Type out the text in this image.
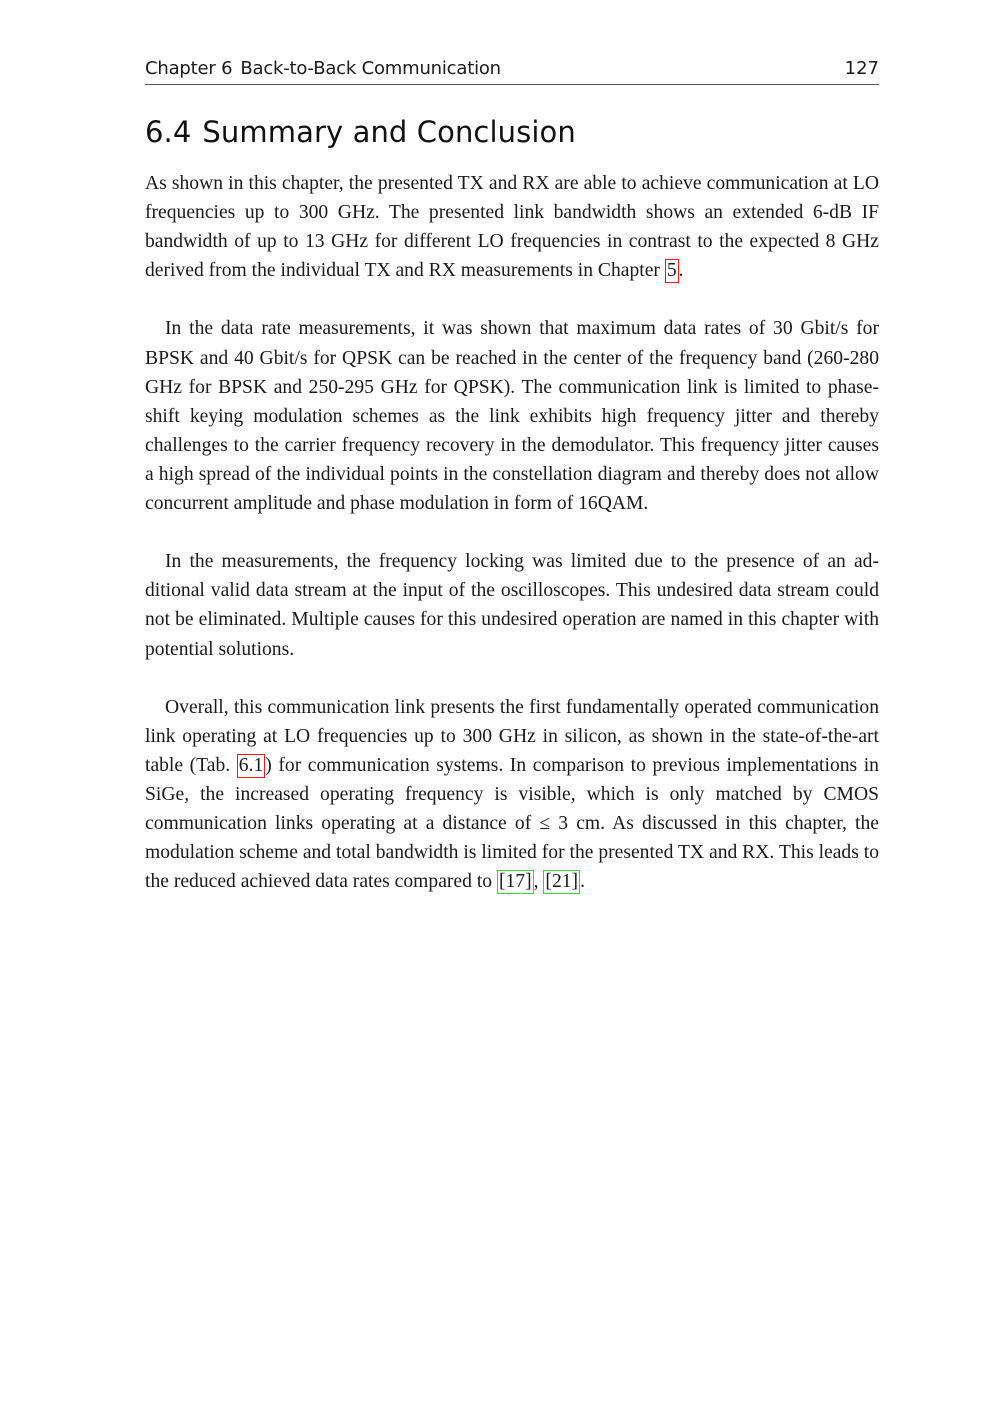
Chapter 6 Back-to-Back Communication	127
6.4 Summary and Conclusion

As shown in this chapter, the presented TX and RX are able to achieve communication at LO frequencies up to 300 GHz. The presented link bandwidth shows an extended 6-dB IF bandwidth of up to 13 GHz for different LO frequencies in contrast to the expected 8 GHz derived from the individual TX and RX measurements in Chapter 5 .

In the data rate measurements, it was shown that maximum data rates of 30 Gbit/s for BPSK and 40 Gbit/s for QPSK can be reached in the center of the frequency band (260-280 GHz for BPSK and 250-295 GHz for QPSK). The communication link is limited to phase-shift keying modulation schemes as the link exhibits high frequency jitter and thereby challenges to the carrier frequency recovery in the demodulator. This frequency jitter causes a high spread of the individual points in the constellation diagram and thereby does not allow concurrent amplitude and phase modulation in form of 16QAM.

In the measurements, the frequency locking was limited due to the presence of an additional valid data stream at the input of the oscilloscopes. This undesired data stream could not be eliminated. Multiple causes for this undesired operation are named in this chapter with potential solutions.

Overall, this communication link presents the first fundamentally operated communication link operating at LO frequencies up to 300 GHz in silicon, as shown in the state-of-the-art table (Tab. 6.1 ) for communication systems. In comparison to previous implementations in SiGe, the increased operating frequency is visible, which is only matched by CMOS communication links operating at a distance of ≤ 3 cm. As discussed in this chapter, the modulation scheme and total bandwidth is limited for the presented TX and RX. This leads to the reduced achieved data rates compared to [17] , [21] .
